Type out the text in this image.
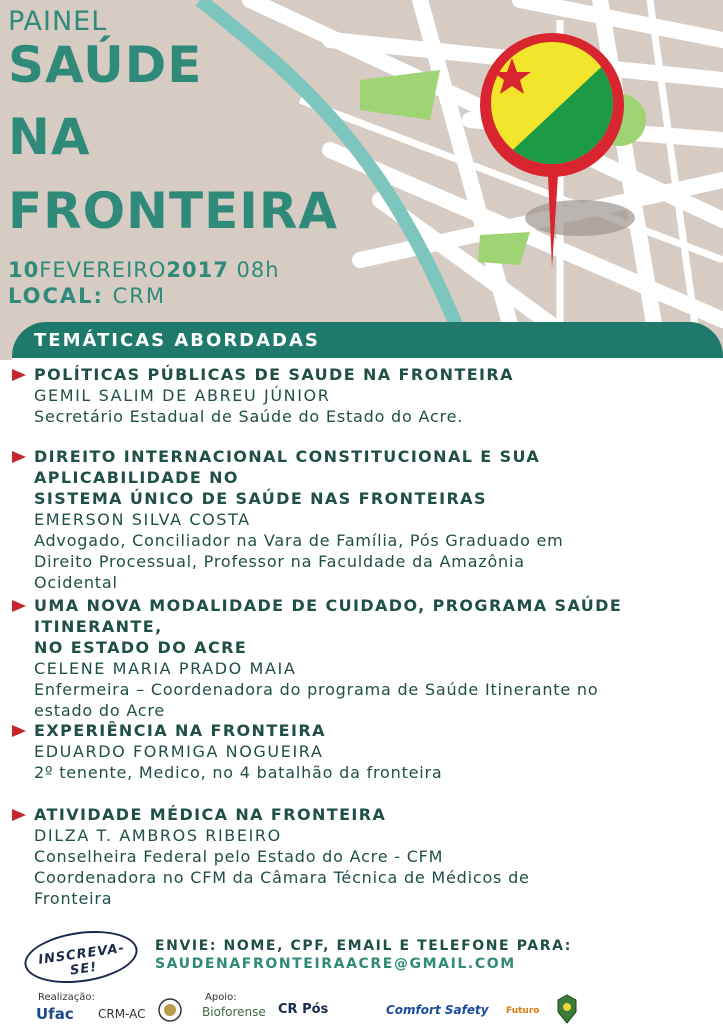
PAINEL
SAÚDE
NA
FRONTEIRA
10FEVEREIRO2017 08h
LOCAL: CRM
TEMÁTICAS ABORDADAS
POLÍTICAS PÚBLICAS DE SAUDE NA FRONTEIRA
GEMIL SALIM DE ABREU JÚNIOR
Secretário Estadual de Saúde do Estado do Acre.
DIREITO INTERNACIONAL CONSTITUCIONAL E SUA APLICABILIDADE NO
SISTEMA ÚNICO DE SAÚDE NAS FRONTEIRAS
EMERSON SILVA COSTA
Advogado, Conciliador na Vara de Família, Pós Graduado em
Direito Processual, Professor na Faculdade da Amazônia
Ocidental
UMA NOVA MODALIDADE DE CUIDADO, PROGRAMA SAÚDE ITINERANTE,
NO ESTADO DO ACRE
CELENE MARIA PRADO MAIA
Enfermeira – Coordenadora do programa de Saúde Itinerante no
estado do Acre
EXPERIÊNCIA NA FRONTEIRA
EDUARDO FORMIGA NOGUEIRA
2º tenente, Medico, no 4 batalhão da fronteira
ATIVIDADE MÉDICA NA FRONTEIRA
DILZA T. AMBROS RIBEIRO
Conselheira Federal pelo Estado do Acre - CFM
Coordenadora no CFM da Câmara Técnica de Médicos de
Fronteira
INSCREVA-SE!
ENVIE: NOME, CPF, EMAIL E TELEFONE PARA:
SAUDENAFRONTEIRAACRE@GMAIL.COM
Realização:
Ufac CRM-AC
Apoio:
Bioforense CR Pós	Comfort Safety Futuro
